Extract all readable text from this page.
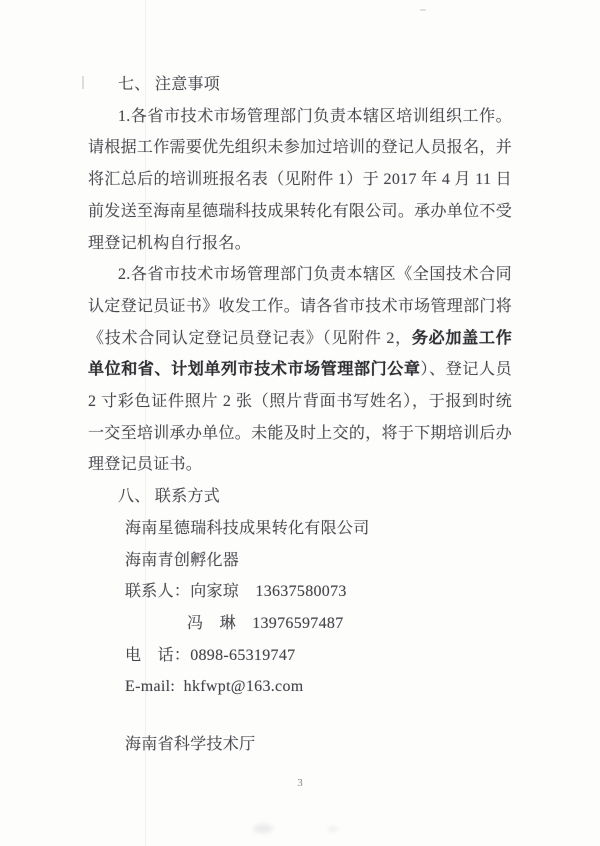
七、 注意事项
1.各省市技术市场管理部门负责本辖区培训组织工作。
请根据工作需要优先组织未参加过培训的登记人员报名，并
将汇总后的培训班报名表（见附件 1）于 2017 年 4 月 11 日
前发送至海南星德瑞科技成果转化有限公司。承办单位不受
理登记机构自行报名。
2.各省市技术市场管理部门负责本辖区《全国技术合同
认定登记员证书》收发工作。请各省市技术市场管理部门将
《技术合同认定登记员登记表》（见附件 2，务必加盖工作
单位和省、计划单列市技术市场管理部门公章）、登记人员
2 寸彩色证件照片 2 张（照片背面书写姓名），于报到时统
一交至培训承办单位。未能及时上交的，将于下期培训后办
理登记员证书。
八、 联系方式
海南星德瑞科技成果转化有限公司
海南青创孵化器
联系人：向家琼　13637580073
冯　琳　13976597487
电　话：0898-65319747
E-mail:  hkfwpt@163.com
海南省科学技术厅
3
